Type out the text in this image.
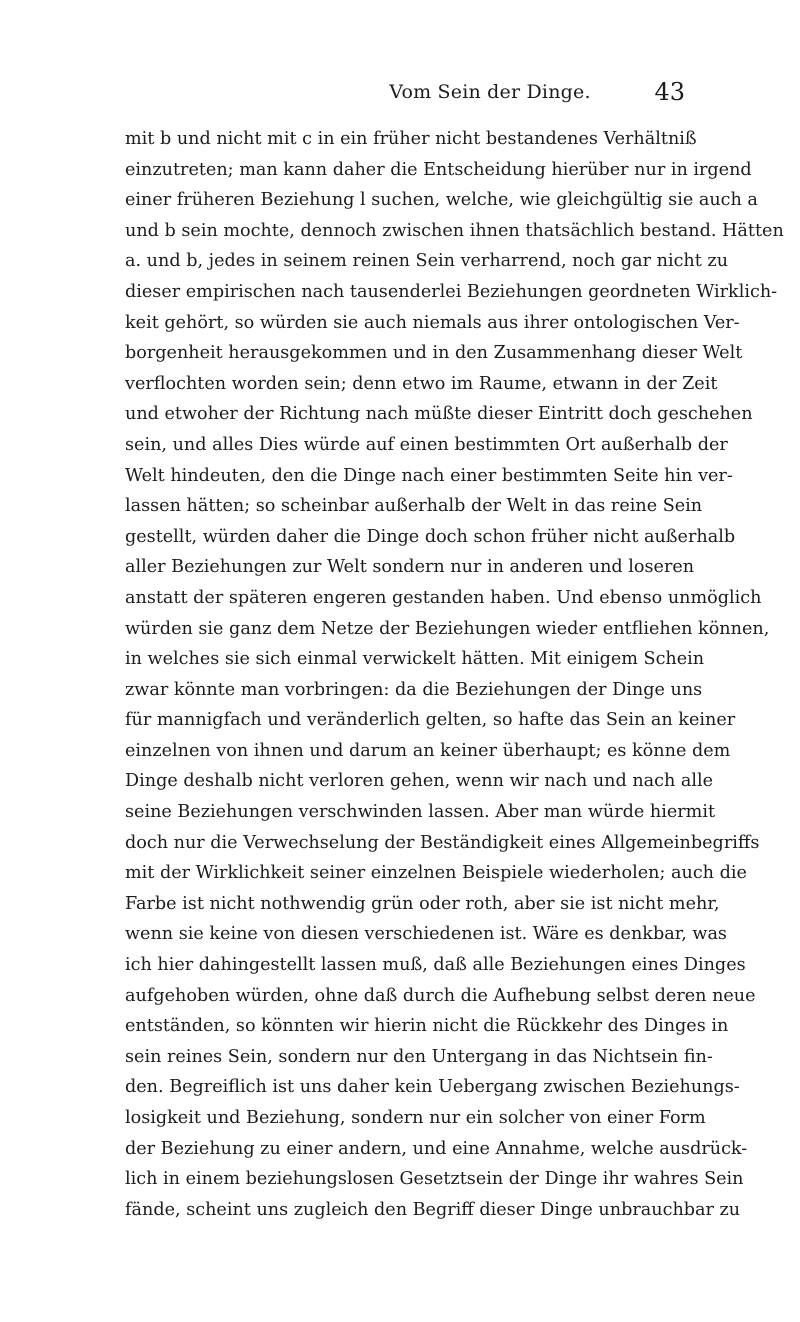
Vom Sein der Dinge.	43
mit b und nicht mit c in ein früher nicht bestandenes Verhältniß
einzutreten; man kann daher die Entscheidung hierüber nur in irgend
einer früheren Beziehung l suchen, welche, wie gleichgültig sie auch a
und b sein mochte, dennoch zwischen ihnen thatsächlich bestand. Hätten
a. und b, jedes in seinem reinen Sein verharrend, noch gar nicht zu
dieser empirischen nach tausenderlei Beziehungen geordneten Wirklich-
keit gehört, so würden sie auch niemals aus ihrer ontologischen Ver-
borgenheit herausgekommen und in den Zusammenhang dieser Welt
verflochten worden sein; denn etwo im Raume, etwann in der Zeit
und etwoher der Richtung nach müßte dieser Eintritt doch geschehen
sein, und alles Dies würde auf einen bestimmten Ort außerhalb der
Welt hindeuten, den die Dinge nach einer bestimmten Seite hin ver-
lassen hätten; so scheinbar außerhalb der Welt in das reine Sein
gestellt, würden daher die Dinge doch schon früher nicht außerhalb
aller Beziehungen zur Welt sondern nur in anderen und loseren
anstatt der späteren engeren gestanden haben. Und ebenso unmöglich
würden sie ganz dem Netze der Beziehungen wieder entfliehen können,
in welches sie sich einmal verwickelt hätten. Mit einigem Schein
zwar könnte man vorbringen: da die Beziehungen der Dinge uns
für mannigfach und veränderlich gelten, so hafte das Sein an keiner
einzelnen von ihnen und darum an keiner überhaupt; es könne dem
Dinge deshalb nicht verloren gehen, wenn wir nach und nach alle
seine Beziehungen verschwinden lassen. Aber man würde hiermit
doch nur die Verwechselung der Beständigkeit eines Allgemeinbegriffs
mit der Wirklichkeit seiner einzelnen Beispiele wiederholen; auch die
Farbe ist nicht nothwendig grün oder roth, aber sie ist nicht mehr,
wenn sie keine von diesen verschiedenen ist. Wäre es denkbar, was
ich hier dahingestellt lassen muß, daß alle Beziehungen eines Dinges
aufgehoben würden, ohne daß durch die Aufhebung selbst deren neue
entständen, so könnten wir hierin nicht die Rückkehr des Dinges in
sein reines Sein, sondern nur den Untergang in das Nichtsein fin-
den. Begreiflich ist uns daher kein Uebergang zwischen Beziehungs-
losigkeit und Beziehung, sondern nur ein solcher von einer Form
der Beziehung zu einer andern, und eine Annahme, welche ausdrück-
lich in einem beziehungslosen Gesetztsein der Dinge ihr wahres Sein
fände, scheint uns zugleich den Begriff dieser Dinge unbrauchbar zu
